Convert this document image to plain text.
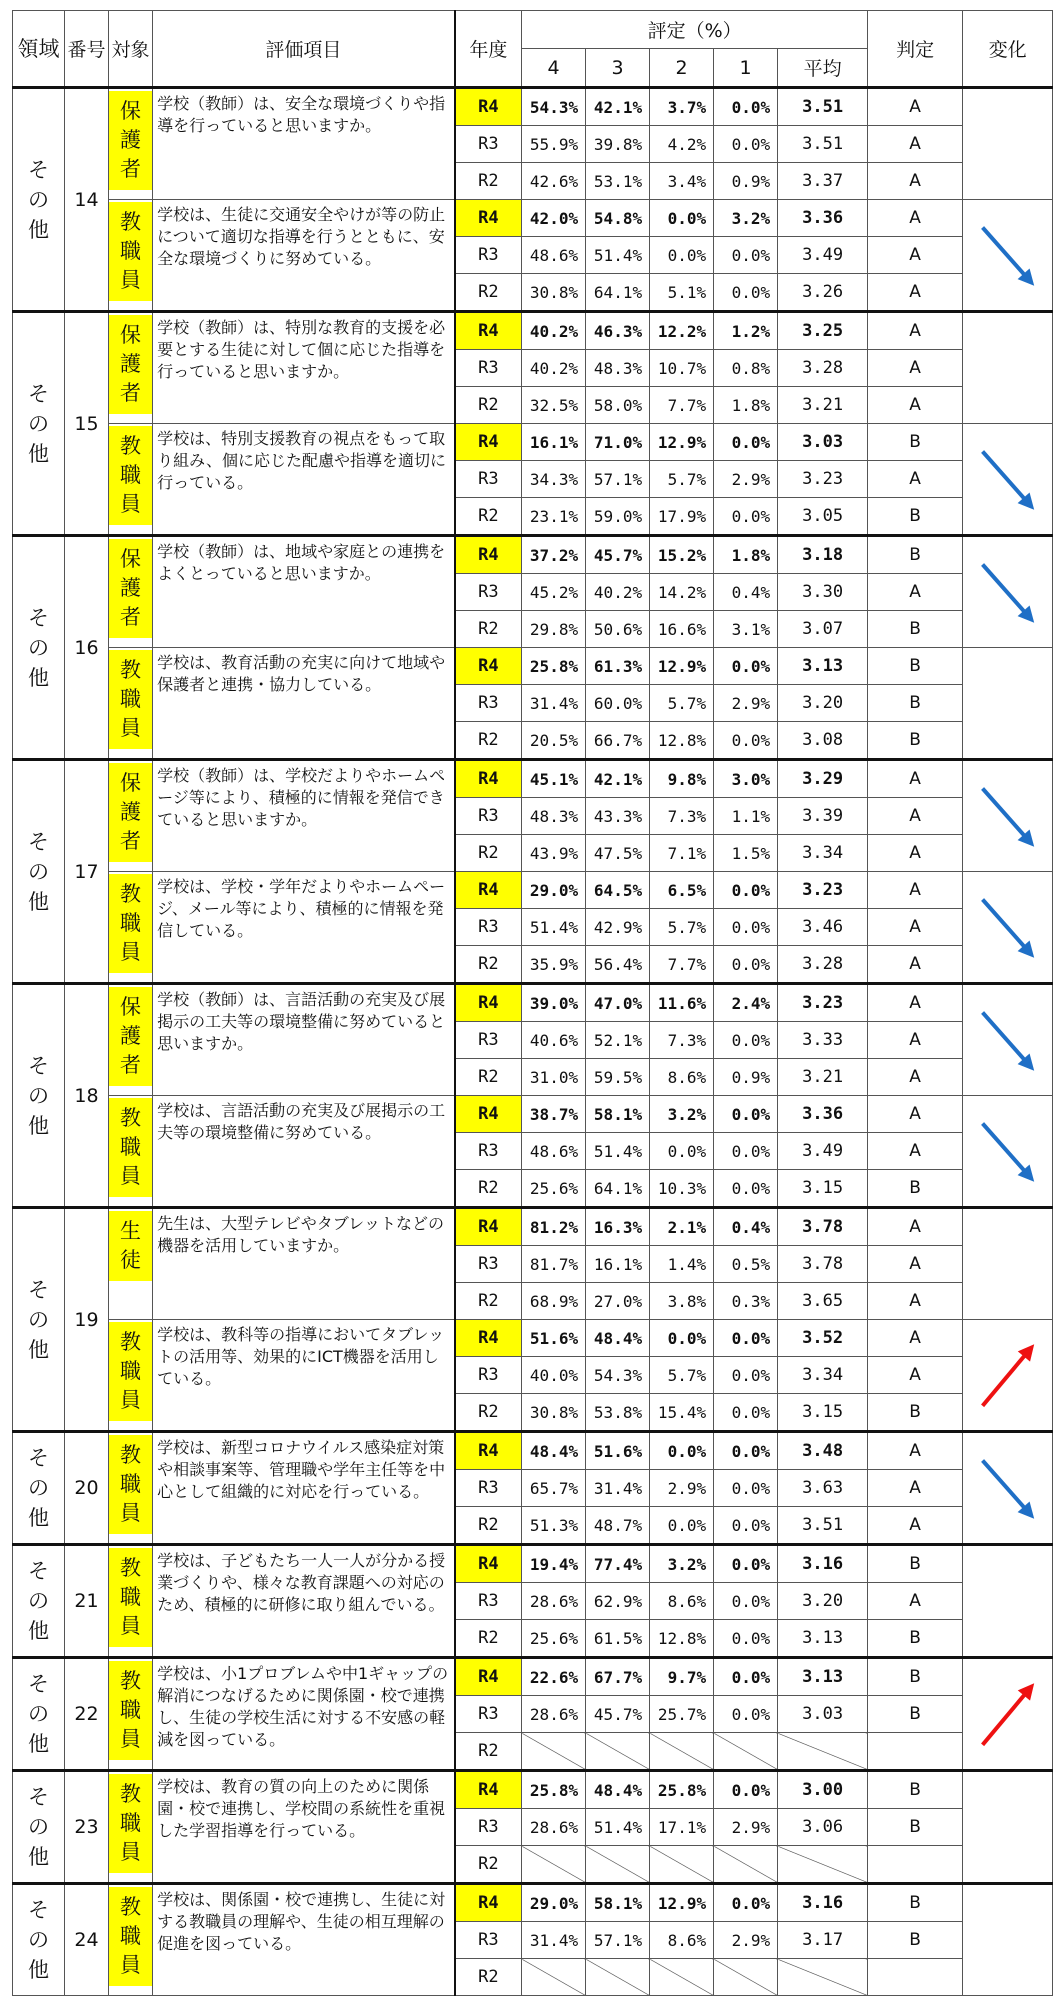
領域	番号	対象	評価項目	年度	評定（%）					判定	変化
					4	3	2	1	平均		
その他	14	保護者	学校（教師）は、安全な環境づくりや指導を行っていると思いますか。	R4	54.3%	42.1%	3.7%	0.0%	3.51	A	
				R3	55.9%	39.8%	4.2%	0.0%	3.51	A	
				R2	42.6%	53.1%	3.4%	0.9%	3.37	A	

		教職員	学校は、生徒に交通安全やけが等の防止について適切な指導を行うとともに、安全な環境づくりに努めている。	R4	42.0%	54.8%	0.0%	3.2%	3.36	A	

				R3	48.6%	51.4%	0.0%	0.0%	3.49	A	
				R2	30.8%	64.1%	5.1%	0.0%	3.26	A	
その他	15	保護者	学校（教師）は、特別な教育的支援を必要とする生徒に対して個に応じた指導を行っていると思いますか。	R4	40.2%	46.3%	12.2%	1.2%	3.25	A	
				R3	40.2%	48.3%	10.7%	0.8%	3.28	A	
				R2	32.5%	58.0%	7.7%	1.8%	3.21	A	

		教職員	学校は、特別支援教育の視点をもって取り組み、個に応じた配慮や指導を適切に行っている。	R4	16.1%	71.0%	12.9%	0.0%	3.03	B	

				R3	34.3%	57.1%	5.7%	2.9%	3.23	A	
				R2	23.1%	59.0%	17.9%	0.0%	3.05	B	
その他	16	保護者	学校（教師）は、地域や家庭との連携をよくとっていると思いますか。	R4	37.2%	45.7%	15.2%	1.8%	3.18	B	

				R3	45.2%	40.2%	14.2%	0.4%	3.30	A	
				R2	29.8%	50.6%	16.6%	3.1%	3.07	B	

		教職員	学校は、教育活動の充実に向けて地域や保護者と連携・協力している。	R4	25.8%	61.3%	12.9%	0.0%	3.13	B	
				R3	31.4%	60.0%	5.7%	2.9%	3.20	B	
				R2	20.5%	66.7%	12.8%	0.0%	3.08	B	
その他	17	保護者	学校（教師）は、学校だよりやホームページ等により、積極的に情報を発信できていると思いますか。	R4	45.1%	42.1%	9.8%	3.0%	3.29	A	

				R3	48.3%	43.3%	7.3%	1.1%	3.39	A	
				R2	43.9%	47.5%	7.1%	1.5%	3.34	A	

		教職員	学校は、学校・学年だよりやホームページ、メール等により、積極的に情報を発信している。	R4	29.0%	64.5%	6.5%	0.0%	3.23	A	

				R3	51.4%	42.9%	5.7%	0.0%	3.46	A	
				R2	35.9%	56.4%	7.7%	0.0%	3.28	A	
その他	18	保護者	学校（教師）は、言語活動の充実及び展掲示の工夫等の環境整備に努めていると思いますか。	R4	39.0%	47.0%	11.6%	2.4%	3.23	A	

				R3	40.6%	52.1%	7.3%	0.0%	3.33	A	
				R2	31.0%	59.5%	8.6%	0.9%	3.21	A	

		教職員	学校は、言語活動の充実及び展掲示の工夫等の環境整備に努めている。	R4	38.7%	58.1%	3.2%	0.0%	3.36	A	

				R3	48.6%	51.4%	0.0%	0.0%	3.49	A	
				R2	25.6%	64.1%	10.3%	0.0%	3.15	B	
その他	19	生徒	先生は、大型テレビやタブレットなどの機器を活用していますか。	R4	81.2%	16.3%	2.1%	0.4%	3.78	A	
				R3	81.7%	16.1%	1.4%	0.5%	3.78	A	
				R2	68.9%	27.0%	3.8%	0.3%	3.65	A	

		教職員	学校は、教科等の指導においてタブレットの活用等、効果的にICT機器を活用している。	R4	51.6%	48.4%	0.0%	0.0%	3.52	A	

				R3	40.0%	54.3%	5.7%	0.0%	3.34	A	
				R2	30.8%	53.8%	15.4%	0.0%	3.15	B	
その他	20	教職員	学校は、新型コロナウイルス感染症対策や相談事案等、管理職や学年主任等を中心として組織的に対応を行っている。	R4	48.4%	51.6%	0.0%	0.0%	3.48	A	

				R3	65.7%	31.4%	2.9%	0.0%	3.63	A	
				R2	51.3%	48.7%	0.0%	0.0%	3.51	A	
その他	21	教職員	学校は、子どもたち一人一人が分かる授業づくりや、様々な教育課題への対応のため、積極的に研修に取り組んでいる。	R4	19.4%	77.4%	3.2%	0.0%	3.16	B	
				R3	28.6%	62.9%	8.6%	0.0%	3.20	A	
				R2	25.6%	61.5%	12.8%	0.0%	3.13	B	
その他	22	教職員	学校は、小1プロブレムや中1ギャップの解消につなげるために関係園・校で連携し、生徒の学校生活に対する不安感の軽減を図っている。	R4	22.6%	67.7%	9.7%	0.0%	3.13	B	

				R3	28.6%	45.7%	25.7%	0.0%	3.03	B	
				R2							
その他	23	教職員	学校は、教育の質の向上のために関係園・校で連携し、学校間の系統性を重視した学習指導を行っている。	R4	25.8%	48.4%	25.8%	0.0%	3.00	B	
				R3	28.6%	51.4%	17.1%	2.9%	3.06	B	
				R2							
その他	24	教職員	学校は、関係園・校で連携し、生徒に対する教職員の理解や、生徒の相互理解の促進を図っている。	R4	29.0%	58.1%	12.9%	0.0%	3.16	B	
				R3	31.4%	57.1%	8.6%	2.9%	3.17	B	
				R2							
